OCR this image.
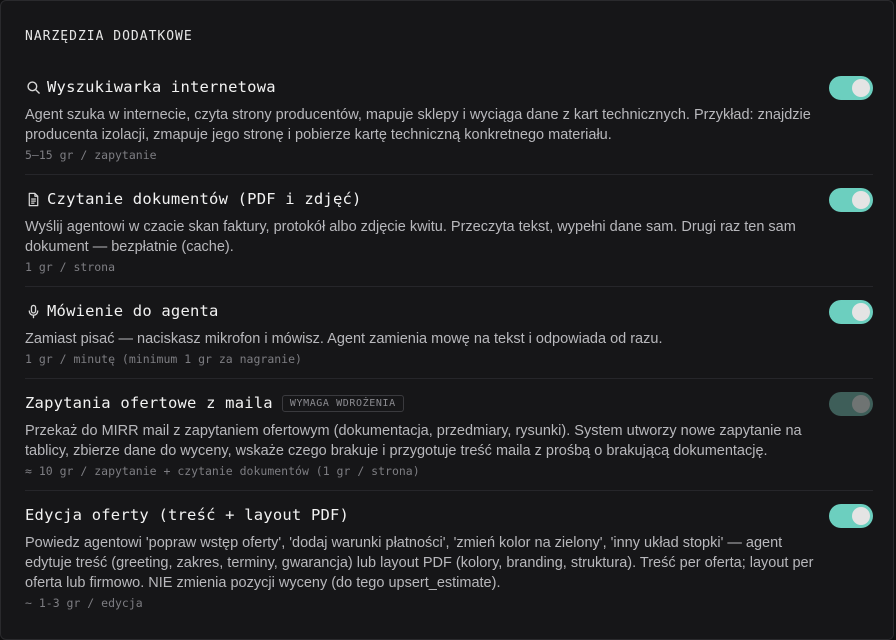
NARZĘDZIA DODATKOWE
Wyszukiwarka internetowa
Agent szuka w internecie, czyta strony producentów, mapuje sklepy i wyciąga dane z kart technicznych. Przykład: znajdzie producenta izolacji, zmapuje jego stronę i pobierze kartę techniczną konkretnego materiału.
5–15 gr / zapytanie
Czytanie dokumentów (PDF i zdjęć)
Wyślij agentowi w czacie skan faktury, protokół albo zdjęcie kwitu. Przeczyta tekst, wypełni dane sam. Drugi raz ten sam dokument — bezpłatnie (cache).
1 gr / strona
Mówienie do agenta
Zamiast pisać — naciskasz mikrofon i mówisz. Agent zamienia mowę na tekst i odpowiada od razu.
1 gr / minutę (minimum 1 gr za nagranie)
Zapytania ofertowe z maila	WYMAGA WDROŻENIA
Przekaż do MIRR mail z zapytaniem ofertowym (dokumentacja, przedmiary, rysunki). System utworzy nowe zapytanie na tablicy, zbierze dane do wyceny, wskaże czego brakuje i przygotuje treść maila z prośbą o brakującą dokumentację.
≈ 10 gr / zapytanie + czytanie dokumentów (1 gr / strona)
Edycja oferty (treść + layout PDF)
Powiedz agentowi 'popraw wstęp oferty', 'dodaj warunki płatności', 'zmień kolor na zielony', 'inny układ stopki' — agent edytuje treść (greeting, zakres, terminy, gwarancja) lub layout PDF (kolory, branding, struktura). Treść per oferta; layout per oferta lub firmowo. NIE zmienia pozycji wyceny (do tego upsert_estimate).
~ 1-3 gr / edycja
